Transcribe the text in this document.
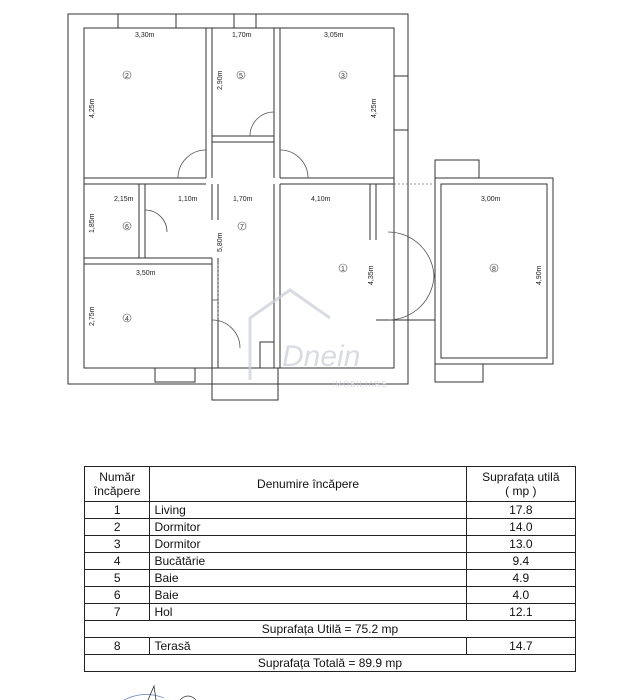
3,30m	1,70m	3,05m
4,25m
2,90m
4,25m
2,15m	1,10m	1,70m	4,10m	3,00m
1,85m
5,80m
4,35m	4,90m
3,50m
2,75m
1
2	3
4
5
6	7
8
Dnein
IMOBILIARE
Număr
încăpere	Denumire încăpere	Suprafața utilă
( mp )
1	Living	17.8
2	Dormitor	14.0
3	Dormitor	13.0
4	Bucătărie	9.4
5	Baie	4.9
6	Baie	4.0
7	Hol	12.1
Suprafața Utilă = 75.2 mp		
8	Terasă	14.7
Suprafața Totală = 89.9 mp		
